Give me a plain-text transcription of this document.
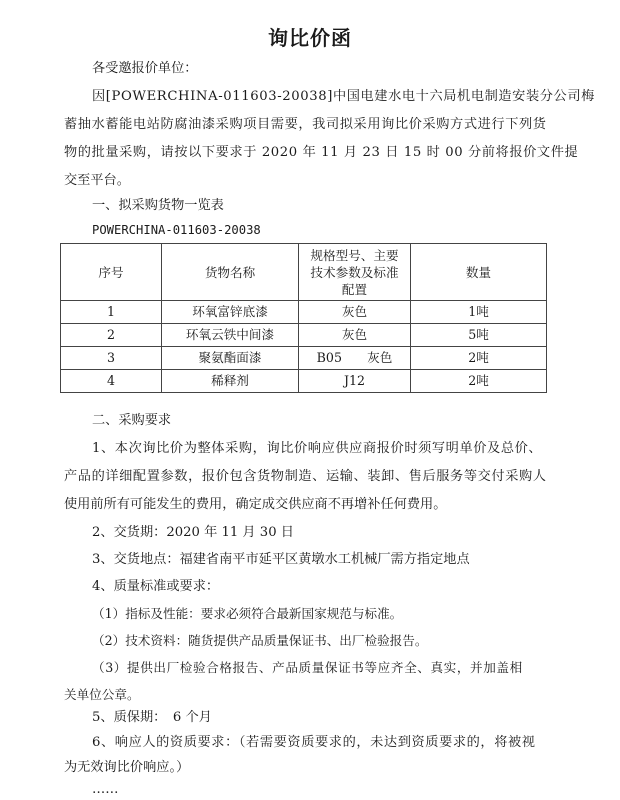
询比价函
各受邀报价单位：
因[POWERCHINA-011603-20038]中国电建水电十六局机电制造安装分公司梅
蓄抽水蓄能电站防腐油漆采购项目需要，我司拟采用询比价采购方式进行下列货
物的批量采购，请按以下要求于 2020 年 11 月 23 日 15 时 00 分前将报价文件提
交至平台。
一、拟采购货物一览表
POWERCHINA-011603-20038
序号	货物名称	规格型号、主要技术参数及标准配置	数量
1	环氧富锌底漆	灰色	1吨
2	环氧云铁中间漆	灰色	5吨
3	聚氨酯面漆	B05　　灰色	2吨
4	稀释剂	J12	2吨
二、采购要求
1、本次询比价为整体采购，询比价响应供应商报价时须写明单价及总价、
产品的详细配置参数，报价包含货物制造、运输、装卸、售后服务等交付采购人
使用前所有可能发生的费用，确定成交供应商不再增补任何费用。
2、交货期：2020 年 11 月 30 日
3、交货地点：福建省南平市延平区黄墩水工机械厂需方指定地点
4、质量标准或要求：
（1）指标及性能：要求必须符合最新国家规范与标准。
（2）技术资料：随货提供产品质量保证书、出厂检验报告。
（3）提供出厂检验合格报告、产品质量保证书等应齐全、真实，并加盖相
关单位公章。
5、质保期：　6 个月
6、响应人的资质要求：（若需要资质要求的，未达到资质要求的，将被视
为无效询比价响应。）
……
